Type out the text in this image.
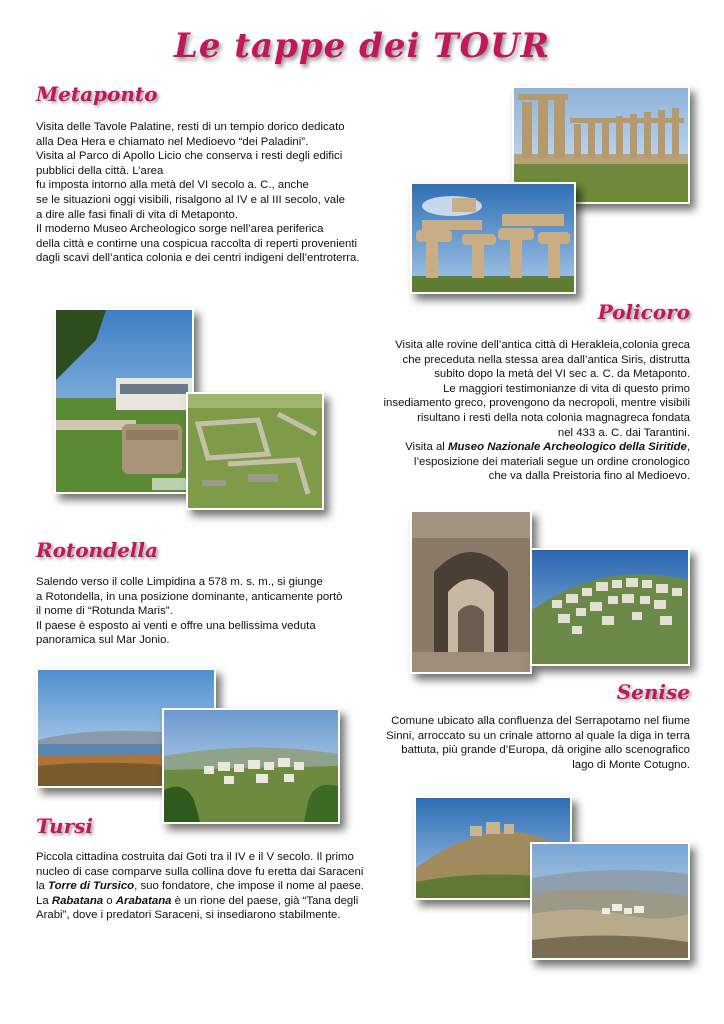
Le tappe dei TOUR
Metaponto
Visita delle Tavole Palatine, resti di un tempio dorico dedicato
alla Dea Hera e chiamato nel Medioevo “dei Paladini”.
Visita al Parco di Apollo Licio che conserva i resti degli edifici
pubblici della città. L’area
fu imposta intorno alla metà del VI secolo a. C., anche
se le situazioni oggi visibili, risalgono al IV e al III secolo, vale
a dire alle fasi finali di vita di Metaponto.
Il moderno Museo Archeologico sorge nell’area periferica
della città e contirne una cospicua raccolta di reperti provenienti
dagli scavi dell’antica colonia e dei centri indigeni dell’entroterra.
Policoro
Visita alle rovine dell’antica città di Herakleia,colonia greca
che preceduta nella stessa area dall’antica Siris, distrutta
subito dopo la metà del VI sec a. C. da Metaponto.
Le maggiori testimonianze di vita di questo primo
insediamento greco, provengono da necropoli, mentre visibili
risultano i resti della nota colonia magnagreca fondata
nel 433 a. C. dai Tarantini.
Visita al Museo Nazionale Archeologico della Siritide,
l’esposizione dei materiali segue un ordine cronologico
che va dalla Preistoria fino al Medioevo.
Rotondella
Salendo verso il colle Limpidina a 578 m. s. m., si giunge
a Rotondella, in una posizione dominante, anticamente portò
il nome di “Rotunda Maris”.
Il paese è esposto ai venti e offre una bellissima veduta
panoramica sul Mar Jonio.
Senise
Comune ubicato alla confluenza del Serrapotamo nel fiume
Sinni, arroccato su un crinale attorno al quale la diga in terra
battuta, più grande d’Europa, dà origine allo scenografico
lago di Monte Cotugno.
Tursi
Piccola cittadina costruita dai Goti tra il IV e il V secolo. Il primo
nucleo di case comparve sulla collina dove fu eretta dai Saraceni
la Torre di Tursico, suo fondatore, che impose il nome al paese.
La Rabatana o Arabatana è un rione del paese, già “Tana degli
Arabi”, dove i predatori Saraceni, si insediarono stabilmente.
